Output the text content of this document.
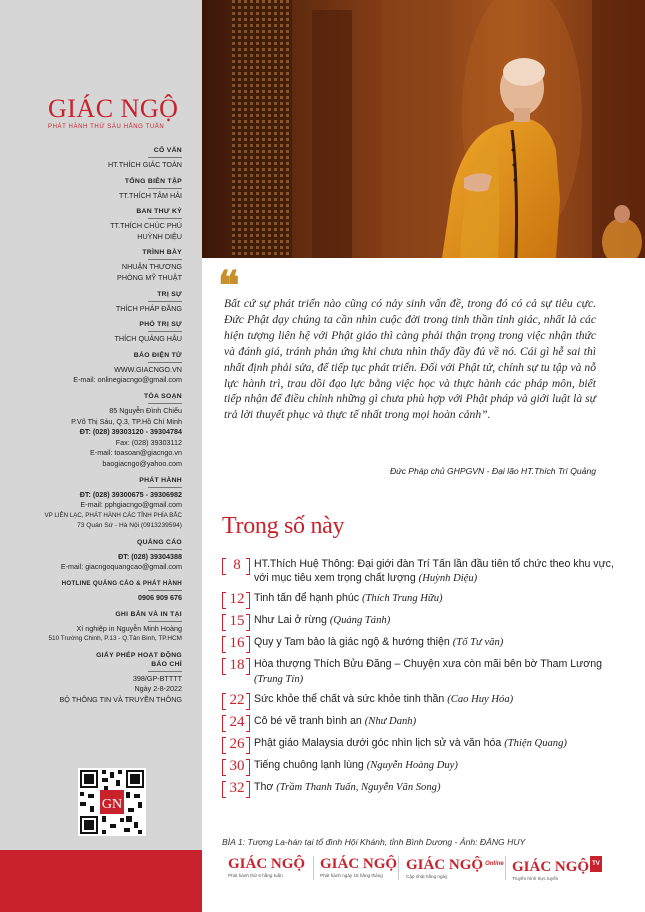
GIÁC NGỘ
PHÁT HÀNH THỨ SÁU HẰNG TUẦN
CỐ VẤN
HT.THÍCH GIÁC TOÀN
TỔNG BIÊN TẬP
TT.THÍCH TÂM HẢI
BAN THƯ KÝ
TT.THÍCH CHÚC PHÚ
HUỲNH DIỆU
TRÌNH BÀY
NHUẬN THƯƠNG
PHÒNG MỸ THUẬT
TRỊ SỰ
THÍCH PHÁP ĐĂNG
PHÓ TRỊ SỰ
THÍCH QUẢNG HẬU
BÁO ĐIỆN TỬ
WWW.GIACNGO.VN
E-mail: onlinegiacngo@gmail.com
TÒA SOẠN
85 Nguyễn Đình Chiểu
P.Võ Thị Sáu, Q.3, TP.Hồ Chí Minh
ĐT: (028) 39303120 - 39304784
Fax: (028) 39303112
E-mail: toasoan@giacngo.vn
baogiacngo@yahoo.com
PHÁT HÀNH
ĐT: (028) 39300675 - 39306982
E-mail: pphgiacngo@gmail.com
VP LIÊN LẠC, PHÁT HÀNH CÁC TỈNH PHÍA BẮC
73 Quán Sứ - Hà Nội (0913239594)
QUẢNG CÁO
ĐT: (028) 39304388
E-mail: giacngoquangcao@gmail.com
HOTLINE QUẢNG CÁO & PHÁT HÀNH
0906 909 676
GHI BẢN VÀ IN TẠI
Xí nghiệp in Nguyễn Minh Hoàng
510 Trường Chinh, P.13 - Q.Tân Bình, TP.HCM
GIẤY PHÉP HOẠT ĐỘNG BÁO CHÍ
398/GP-BTTTT
Ngày 2-8-2022
BỘ THÔNG TIN VÀ TRUYỀN THÔNG
GN
❝
Bất cứ sự phát triển nào cũng có nảy sinh vấn đề, trong đó có cả sự tiêu cực. Đức Phật dạy chúng ta cần nhìn cuộc đời trong tinh thần tỉnh giác, nhất là các hiện tượng liên hệ với Phật giáo thì càng phải thận trọng trong việc nhận thức và đánh giá, tránh phản ứng khi chưa nhìn thấy đầy đủ về nó. Cái gì hễ sai thì nhất định phải sửa, để tiếp tục phát triển. Đối với Phật tử, chính sự tu tập và nỗ lực hành trì, trau dồi đạo lực bằng việc học và thực hành các pháp môn, biết tiếp nhận để điều chỉnh những gì chưa phù hợp với Phật pháp và giới luật là sự trả lời thuyết phục và thực tế nhất trong mọi hoàn cảnh”.
Đức Pháp chủ GHPGVN - Đại lão HT.Thích Trí Quảng
Trong số này
8	HT.Thích Huệ Thông: Đại giới đàn Trí Tấn lần đầu tiên tổ chức theo khu vực, với mục tiêu xem trọng chất lượng (Huỳnh Diệu)
12 Tinh tấn để hạnh phúc (Thích Trung Hữu)
15 Như Lai ở rừng (Quảng Tánh)
16 Quy y Tam bảo là giác ngộ & hướng thiện (Tố Tư văn)
18 Hòa thượng Thích Bửu Đăng – Chuyện xưa còn mãi bên bờ Tham Lương (Trung Tín)
22 Sức khỏe thể chất và sức khỏe tinh thần (Cao Huy Hóa)
24 Cô bé vẽ tranh bình an (Như Danh)
26 Phật giáo Malaysia dưới góc nhìn lịch sử và văn hóa (Thiện Quang)
30 Tiếng chuông lạnh lùng (Nguyễn Hoàng Duy)
32 Thơ (Trầm Thanh Tuấn, Nguyễn Văn Song)
BÌA 1: Tượng La-hán tại tổ đình Hội Khánh, tỉnh Bình Dương - Ảnh: ĐĂNG HUY
GIÁC NGỘ
Phát hành thứ 6 hằng tuần
GIÁC NGỘ
Phát hành ngày 15 hằng tháng
GIÁC NGỘ $^{Online}$
Cập nhật hằng ngày
GIÁC NGỘ TV
Truyền hình trực tuyến
